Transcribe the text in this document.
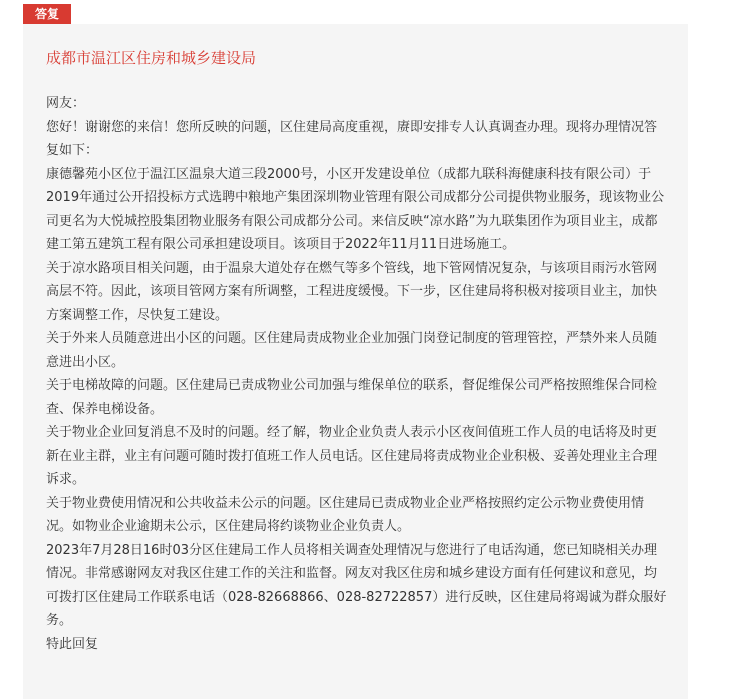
答复
成都市温江区住房和城乡建设局

网友：

您好！谢谢您的来信！您所反映的问题，区住建局高度重视，赓即安排专人认真调查办理。现将办理情况答复如下：

康德馨苑小区位于温江区温泉大道三段2000号，小区开发建设单位（成都九联科海健康科技有限公司）于2019年通过公开招投标方式选聘中粮地产集团深圳物业管理有限公司成都分公司提供物业服务，现该物业公司更名为大悦城控股集团物业服务有限公司成都分公司。来信反映“凉水路”为九联集团作为项目业主，成都建工第五建筑工程有限公司承担建设项目。该项目于2022年11月11日进场施工。

关于凉水路项目相关问题，由于温泉大道处存在燃气等多个管线，地下管网情况复杂，与该项目雨污水管网高层不符。因此，该项目管网方案有所调整，工程进度缓慢。下一步，区住建局将积极对接项目业主，加快方案调整工作，尽快复工建设。

关于外来人员随意进出小区的问题。区住建局责成物业企业加强门岗登记制度的管理管控，严禁外来人员随意进出小区。

关于电梯故障的问题。区住建局已责成物业公司加强与维保单位的联系，督促维保公司严格按照维保合同检查、保养电梯设备。

关于物业企业回复消息不及时的问题。经了解，物业企业负责人表示小区夜间值班工作人员的电话将及时更新在业主群，业主有问题可随时拨打值班工作人员电话。区住建局将责成物业企业积极、妥善处理业主合理诉求。

关于物业费使用情况和公共收益未公示的问题。区住建局已责成物业企业严格按照约定公示物业费使用情况。如物业企业逾期未公示，区住建局将约谈物业企业负责人。

2023年7月28日16时03分区住建局工作人员将相关调查处理情况与您进行了电话沟通，您已知晓相关办理情况。非常感谢网友对我区住建工作的关注和监督。网友对我区住房和城乡建设方面有任何建议和意见，均可拨打区住建局工作联系电话（028-82668866、028-82722857）进行反映，区住建局将竭诚为群众服好务。

特此回复
